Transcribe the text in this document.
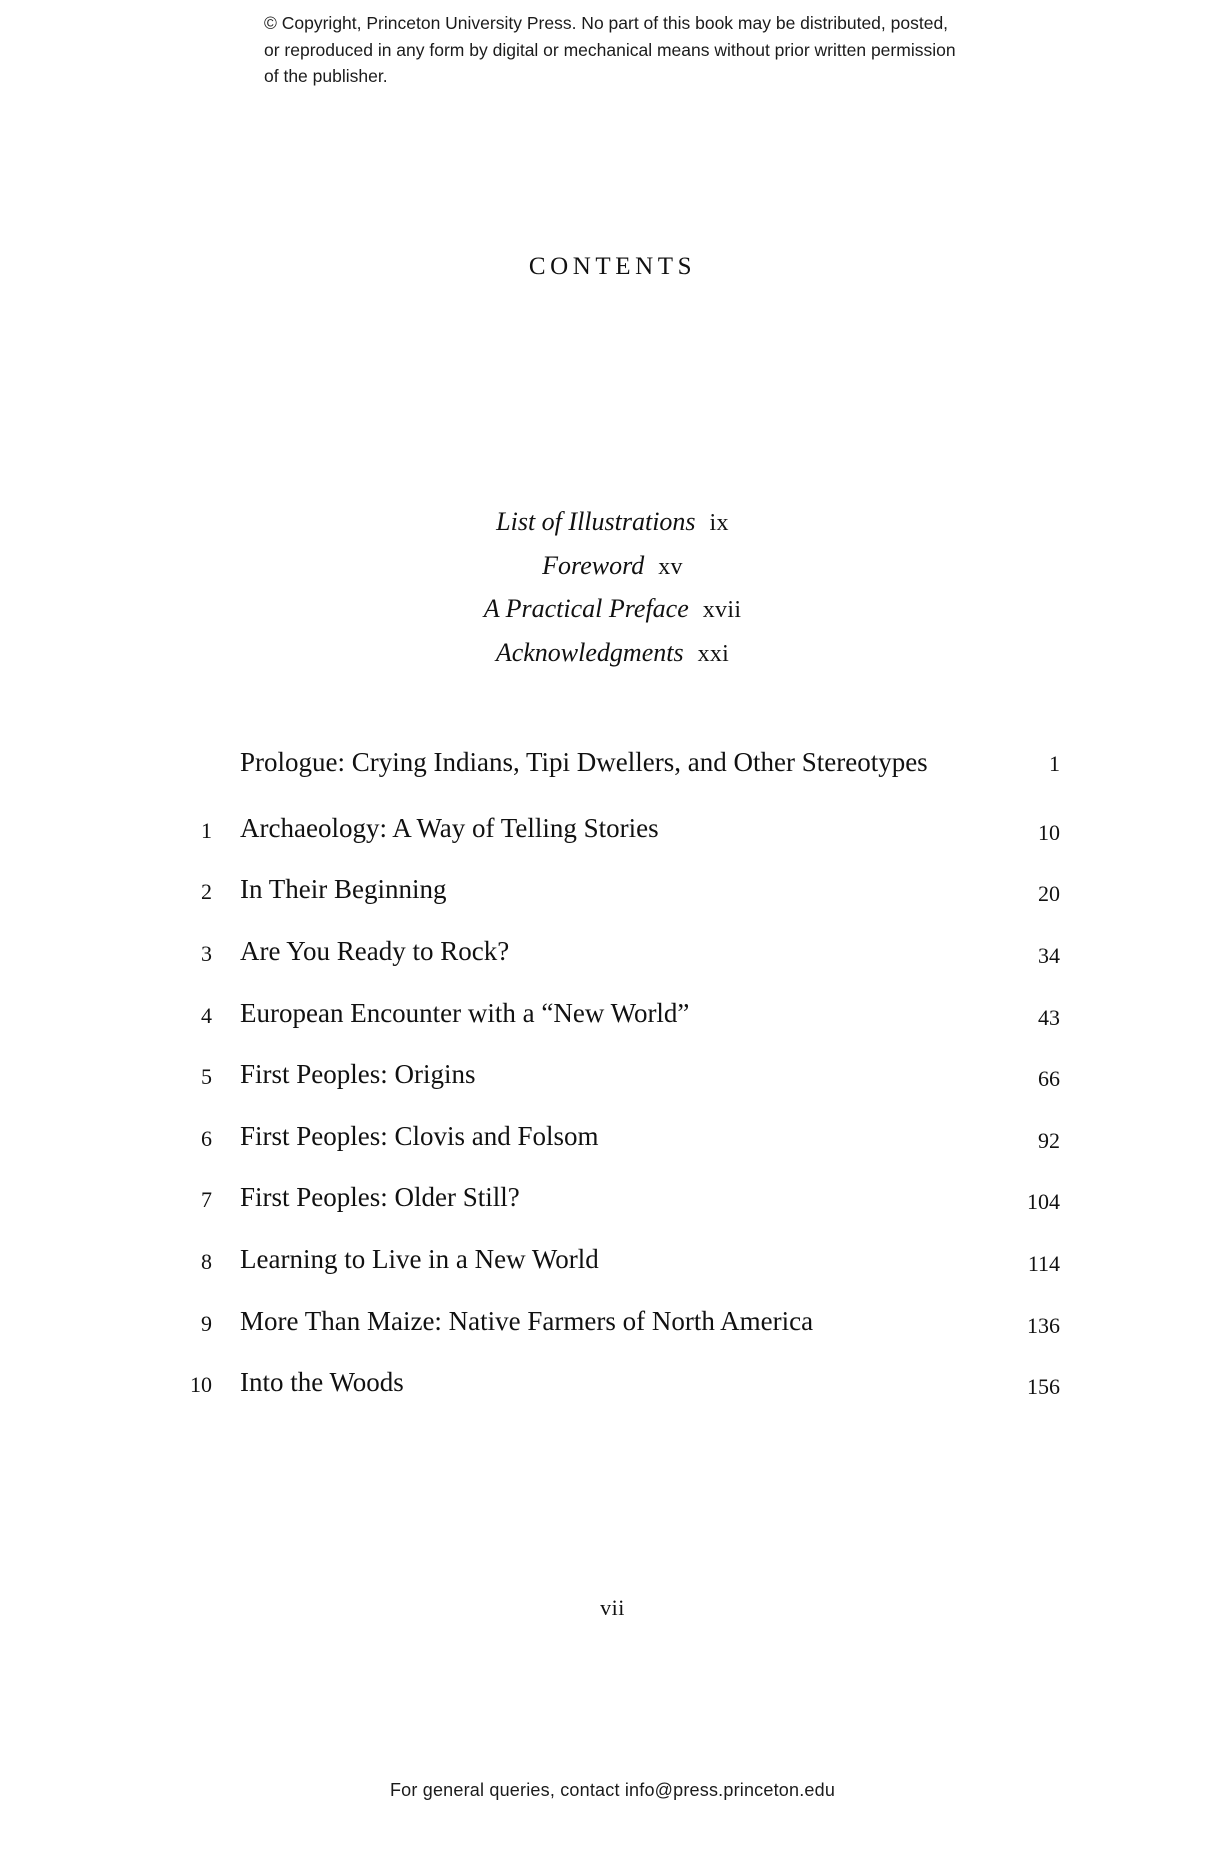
© Copyright, Princeton University Press. No part of this book may be distributed, posted, or reproduced in any form by digital or mechanical means without prior written permission of the publisher.
CONTENTS
List of Illustrations ix
Foreword xv
A Practical Preface xvii
Acknowledgments xxi
Prologue: Crying Indians, Tipi Dwellers, and Other Stereotypes	1
1	Archaeology: A Way of Telling Stories	10
2	In Their Beginning	20
3	Are You Ready to Rock?	34
4	European Encounter with a “New World”	43
5	First Peoples: Origins	66
6	First Peoples: Clovis and Folsom	92
7	First Peoples: Older Still?	104
8	Learning to Live in a New World	114
9	More Than Maize: Native Farmers of North America	136
10	Into the Woods	156
vii
For general queries, contact info@press.princeton.edu
